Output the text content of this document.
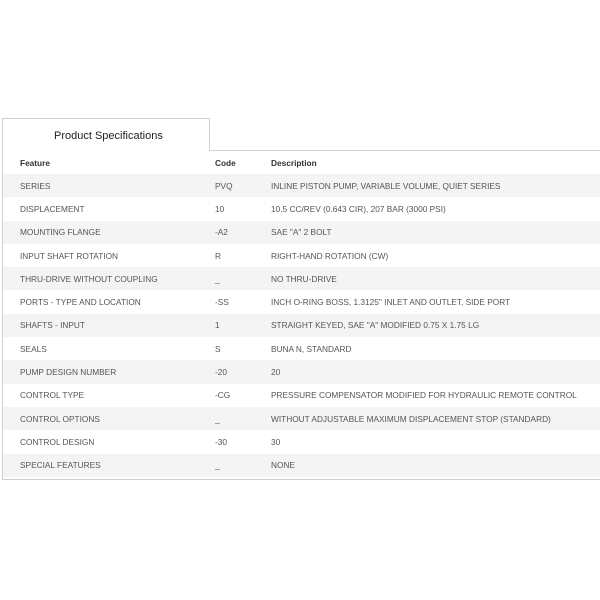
Product Specifications
Feature	Code	Description
SERIES	PVQ	INLINE PISTON PUMP, VARIABLE VOLUME, QUIET SERIES
DISPLACEMENT	10	10.5 CC/REV (0.643 CIR), 207 BAR (3000 PSI)
MOUNTING FLANGE	-A2	SAE "A" 2 BOLT
INPUT SHAFT ROTATION	R	RIGHT-HAND ROTATION (CW)
THRU-DRIVE WITHOUT COUPLING	_	NO THRU-DRIVE
PORTS - TYPE AND LOCATION	-SS	INCH O-RING BOSS, 1.3125" INLET AND OUTLET, SIDE PORT
SHAFTS - INPUT	1	STRAIGHT KEYED, SAE "A" MODIFIED 0.75 X 1.75 LG
SEALS	S	BUNA N, STANDARD
PUMP DESIGN NUMBER	-20	20
CONTROL TYPE	-CG	PRESSURE COMPENSATOR MODIFIED FOR HYDRAULIC REMOTE CONTROL
CONTROL OPTIONS	_	WITHOUT ADJUSTABLE MAXIMUM DISPLACEMENT STOP (STANDARD)
CONTROL DESIGN	-30	30
SPECIAL FEATURES	_	NONE
